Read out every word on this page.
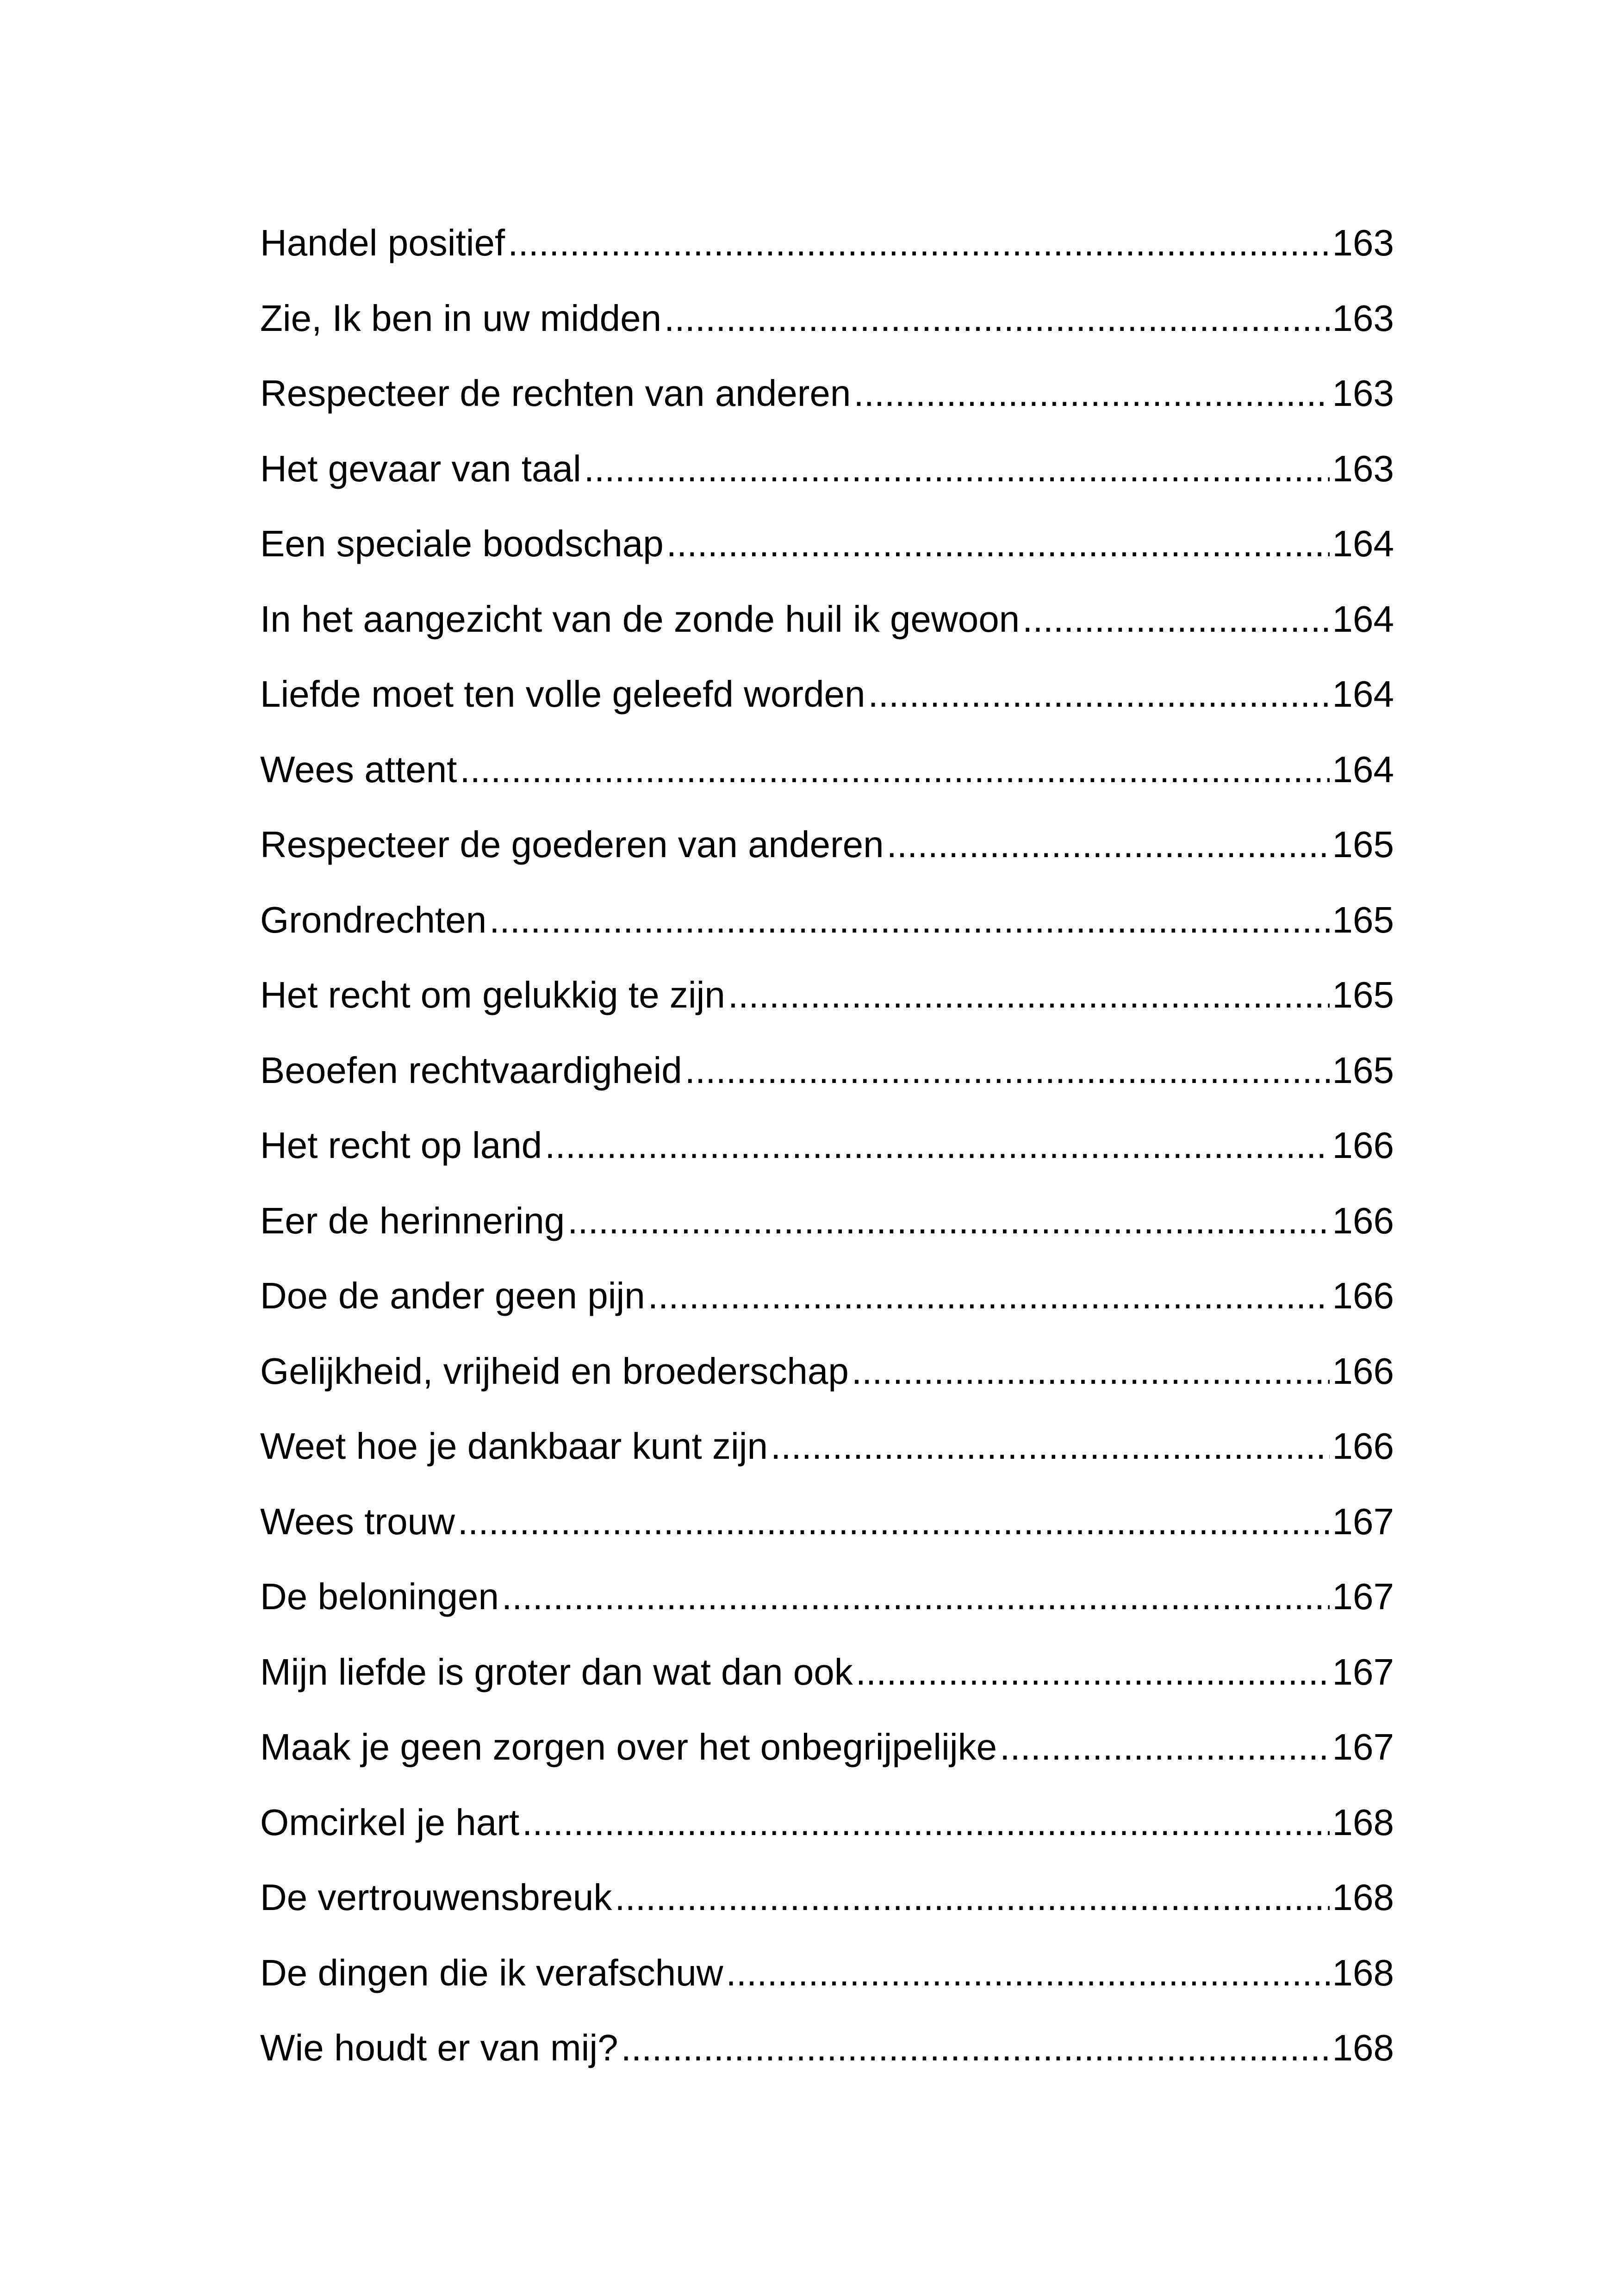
Handel positief .....	163
Zie, Ik ben in uw midden .....	163
Respecteer de rechten van anderen .....	163
Het gevaar van taal .....	163
Een speciale boodschap .....	164
In het aangezicht van de zonde huil ik gewoon .....	164
Liefde moet ten volle geleefd worden .....	164
Wees attent .....	164
Respecteer de goederen van anderen .....	165
Grondrechten .....	165
Het recht om gelukkig te zijn .....	165
Beoefen rechtvaardigheid .....	165
Het recht op land .....	166
Eer de herinnering .....	166
Doe de ander geen pijn .....	166
Gelijkheid, vrijheid en broederschap .....	166
Weet hoe je dankbaar kunt zijn .....	166
Wees trouw .....	167
De beloningen .....	167
Mijn liefde is groter dan wat dan ook .....	167
Maak je geen zorgen over het onbegrijpelijke .....	167
Omcirkel je hart .....	168
De vertrouwensbreuk .....	168
De dingen die ik verafschuw .....	168
Wie houdt er van mij? .....	168
